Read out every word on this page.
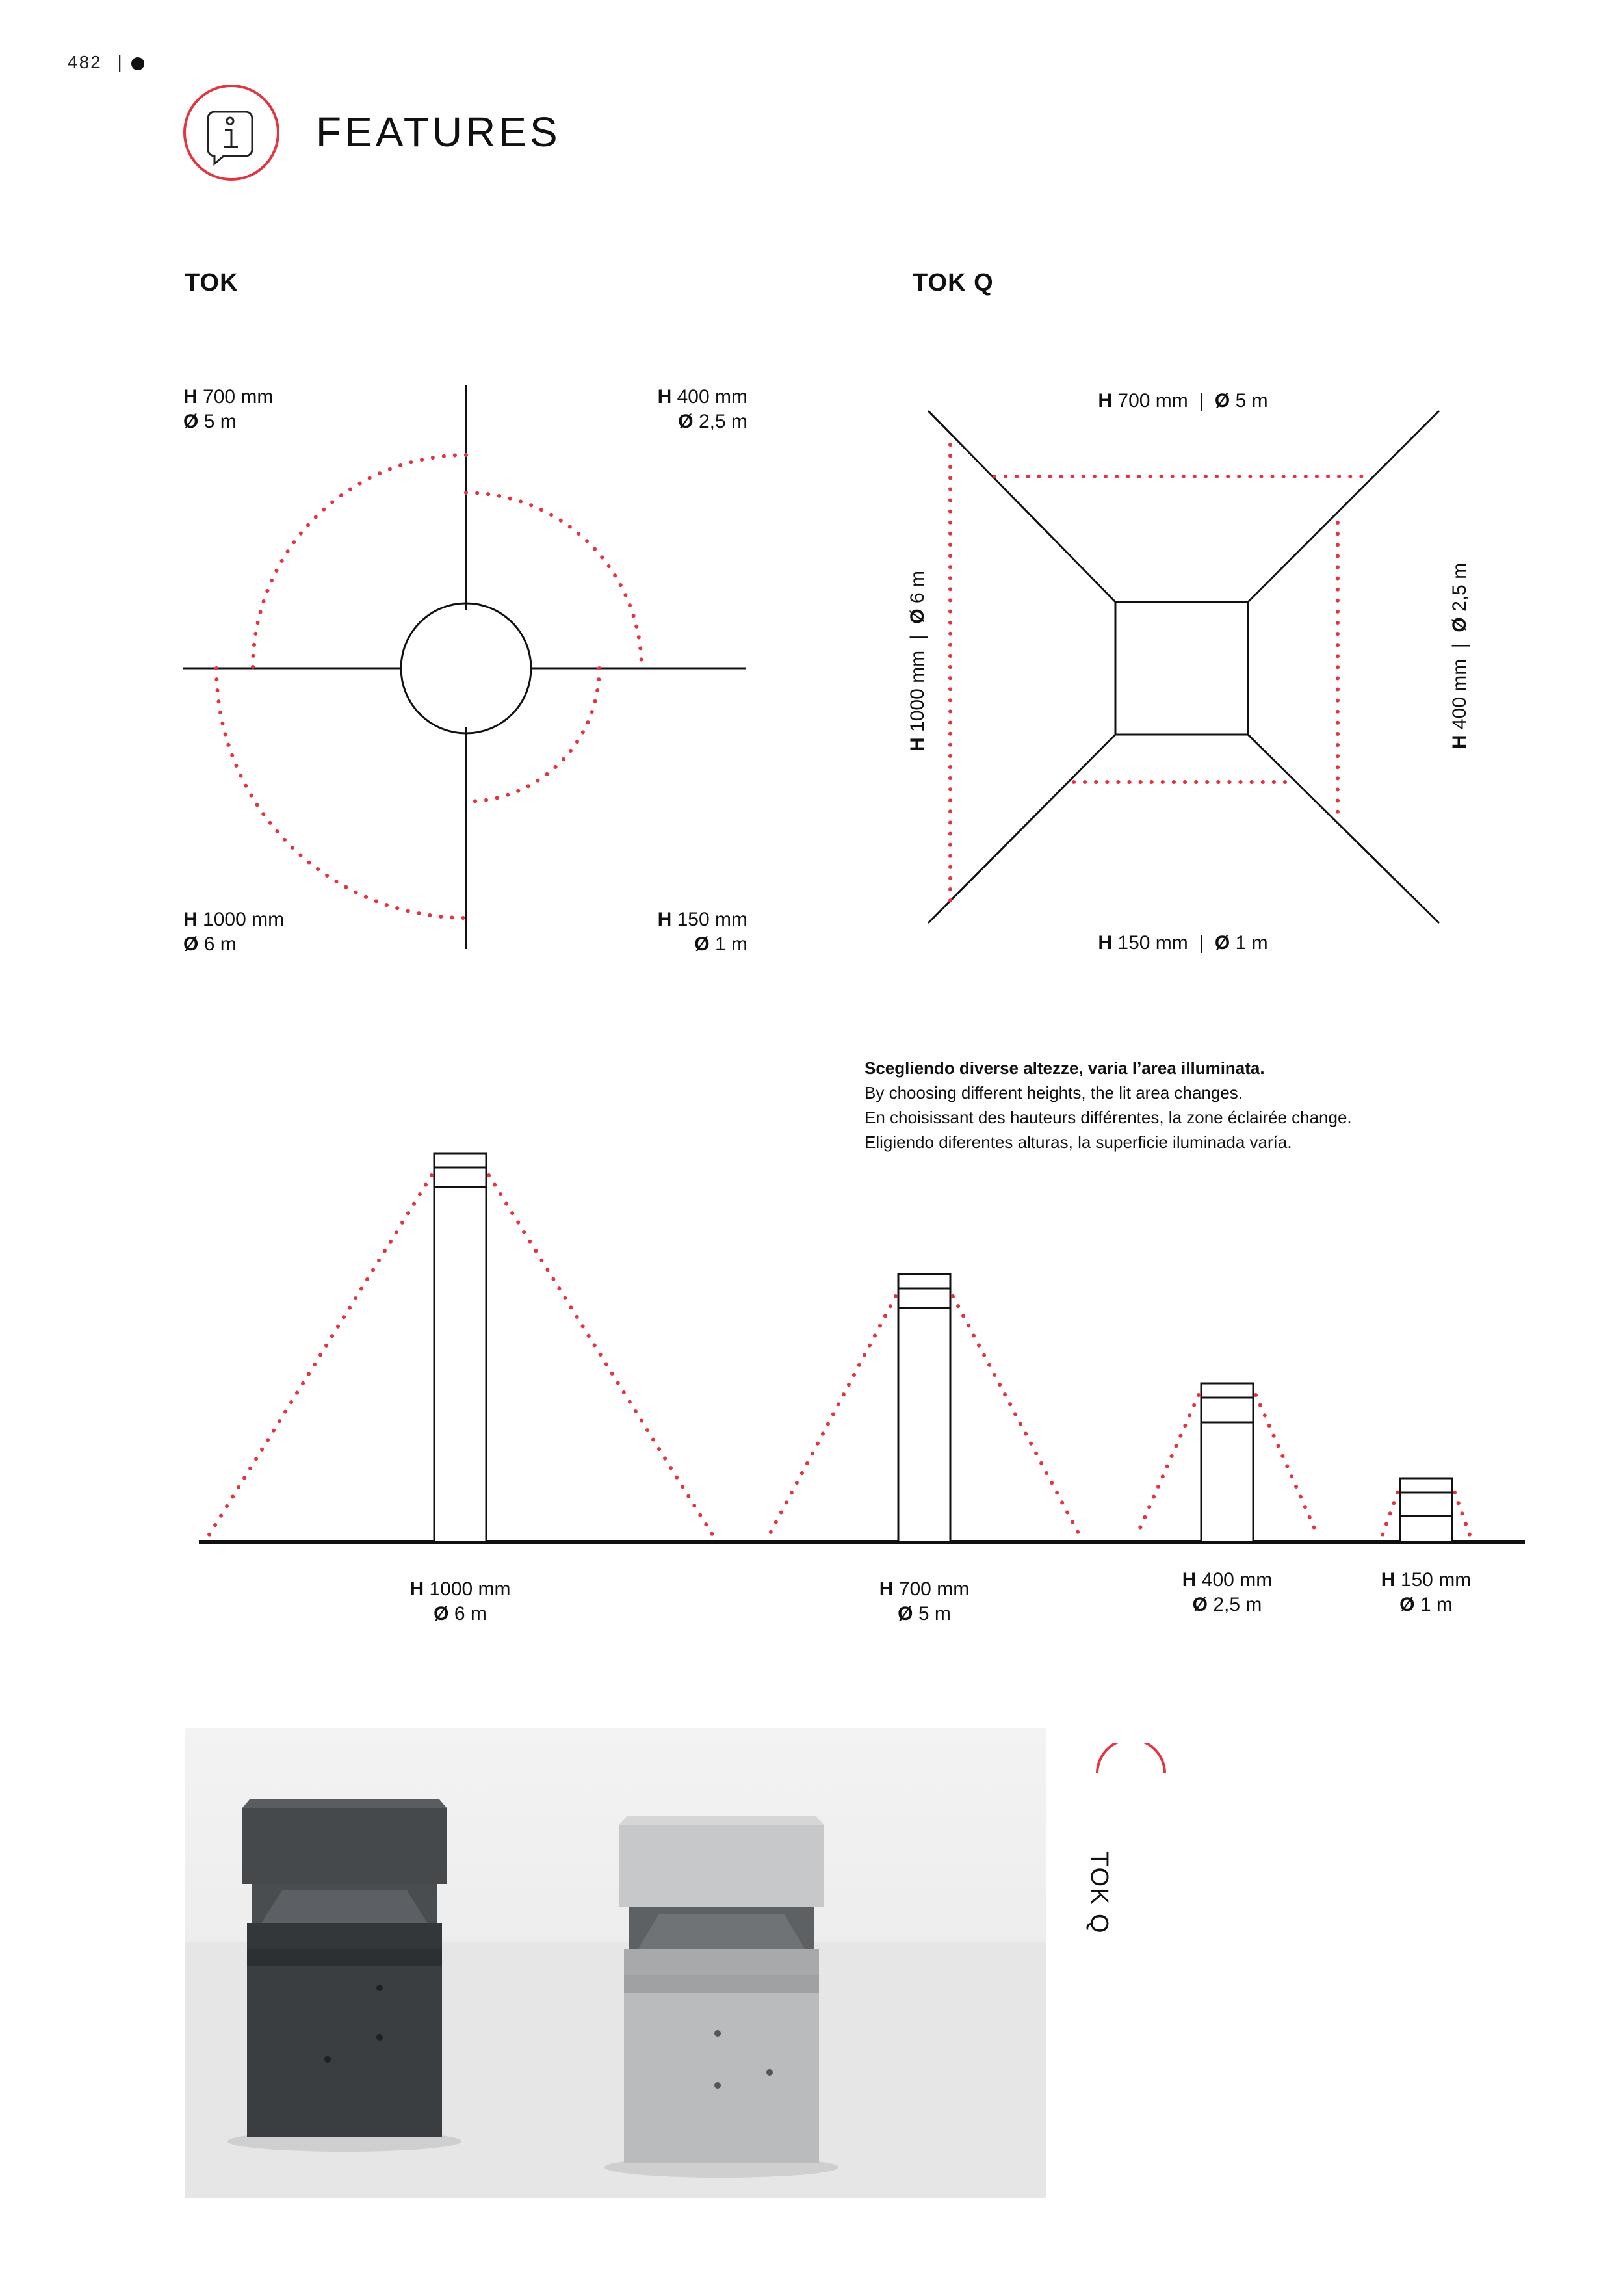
482 |
FEATURES
TOK
H 700 mm
Ø 5 m
H 400 mm
Ø 2,5 m
H 1000 mm
Ø 6 m
H 150 mm
Ø 1 m
TOK Q
H 700 mm | Ø 5 m
H 150 mm | Ø 1 m
H 1000 mm  |  Ø 6 m
H 400 mm  |  Ø 2,5 m
Scegliendo diverse altezze, varia l’area illuminata.
By choosing different heights, the lit area changes.
En choisissant des hauteurs différentes, la zone éclairée change.
Eligiendo diferentes alturas, la superficie iluminada varía.
H 1000 mm
Ø 6 m
H 700 mm
Ø 5 m
H 400 mm
Ø 2,5 m
H 150 mm
Ø 1 m
TOK Q
